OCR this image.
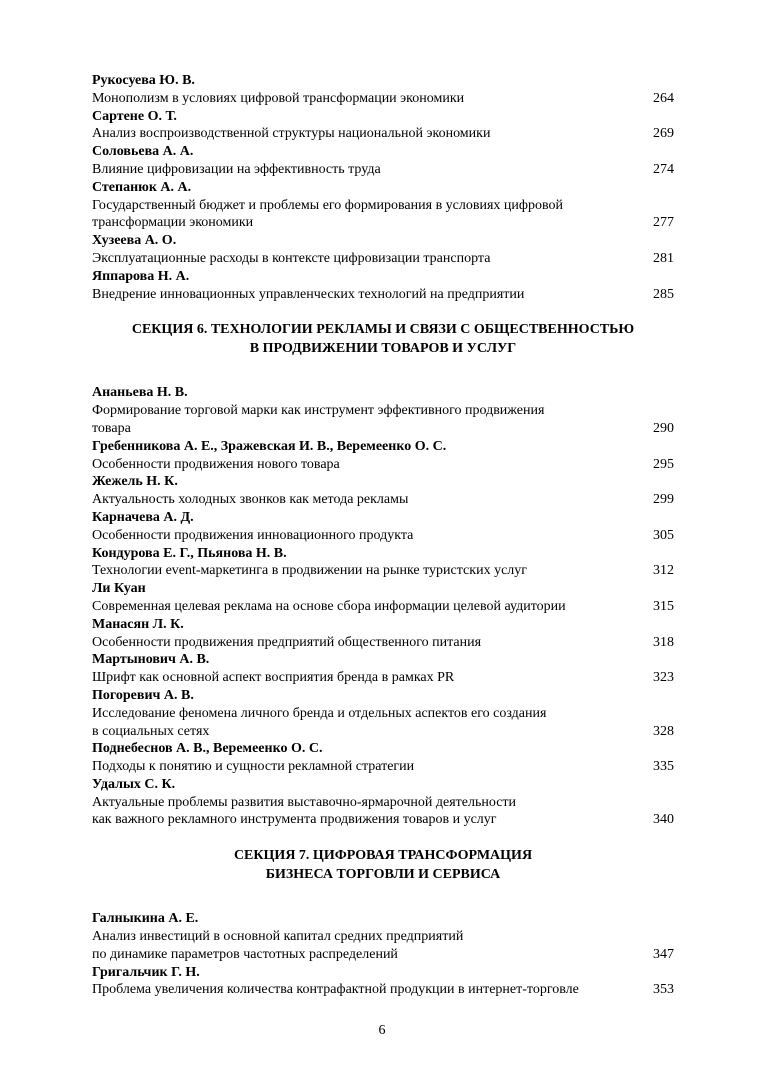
Рукосуева Ю. В.
Монополизм в условиях цифровой трансформации экономики	264
Сартене О. Т.
Анализ воспроизводственной структуры национальной экономики	269
Соловьева А. А.
Влияние цифровизации на эффективность труда	274
Степанюк А. А.
Государственный бюджет и проблемы его формирования в условиях цифровой
трансформации экономики	277
Хузеева А. О.
Эксплуатационные расходы в контексте цифровизации транспорта	281
Яппарова Н. А.
Внедрение инновационных управленческих технологий на предприятии	285
СЕКЦИЯ 6. ТЕХНОЛОГИИ РЕКЛАМЫ И СВЯЗИ С ОБЩЕСТВЕННОСТЬЮ
В ПРОДВИЖЕНИИ ТОВАРОВ И УСЛУГ
Ананьева Н. В.
Формирование торговой марки как инструмент эффективного продвижения
товара	290
Гребенникова А. Е., Зражевская И. В., Веремеенко О. С.
Особенности продвижения нового товара	295
Жежель Н. К.
Актуальность холодных звонков как метода рекламы	299
Карначева А. Д.
Особенности продвижения инновационного продукта	305
Кондурова Е. Г., Пьянова Н. В.
Технологии event-маркетинга в продвижении на рынке туристских услуг	312
Ли Куан
Современная целевая реклама на основе сбора информации целевой аудитории	315
Манасян Л. К.
Особенности продвижения предприятий общественного питания	318
Мартынович А. В.
Шрифт как основной аспект восприятия бренда в рамках PR	323
Погоревич А. В.
Исследование феномена личного бренда и отдельных аспектов его создания
в социальных сетях	328
Поднебеснов А. В., Веремеенко О. С.
Подходы к понятию и сущности рекламной стратегии	335
Удалых С. К.
Актуальные проблемы развития выставочно-ярмарочной деятельности
как важного рекламного инструмента продвижения товаров и услуг	340
СЕКЦИЯ 7. ЦИФРОВАЯ ТРАНСФОРМАЦИЯ
БИЗНЕСА ТОРГОВЛИ И СЕРВИСА
Галныкина А. Е.
Анализ инвестиций в основной капитал средних предприятий
по динамике параметров частотных распределений	347
Григальчик Г. Н.
Проблема увеличения количества контрафактной продукции в интернет-торговле	353
6
